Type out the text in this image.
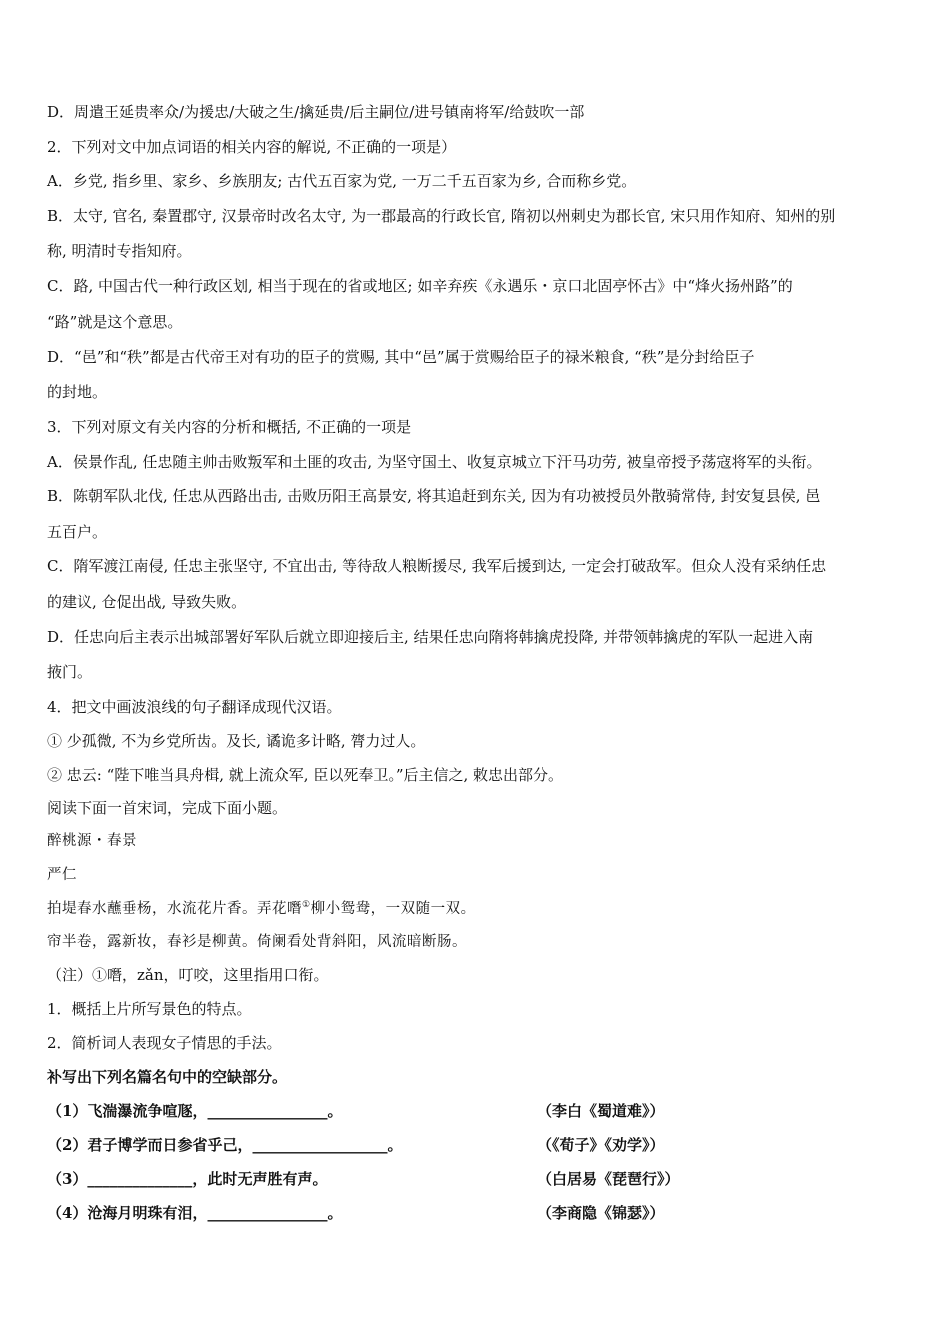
D．周遣王延贵率众/为援忠/大破之生/擒延贵/后主嗣位/进号镇南将军/给鼓吹一部
2．下列对文中加点词语的相关内容的解说, 不正确的一项是）
A．乡党, 指乡里、家乡、乡族朋友; 古代五百家为党, 一万二千五百家为乡, 合而称乡党。
B．太守, 官名, 秦置郡守, 汉景帝时改名太守, 为一郡最高的行政长官, 隋初以州刺史为郡长官, 宋只用作知府、知州的别
称, 明清时专指知府。
C．路, 中国古代一种行政区划, 相当于现在的省或地区; 如辛弃疾《永遇乐・京口北固亭怀古》中“烽火扬州路”的
“路”就是这个意思。
D．“邑”和“秩”都是古代帝王对有功的臣子的赏赐, 其中“邑”属于赏赐给臣子的禄米粮食, “秩”是分封给臣子
的封地。
3．下列对原文有关内容的分析和概括, 不正确的一项是
A．侯景作乱, 任忠随主帅击败叛军和土匪的攻击, 为坚守国土、收复京城立下汗马功劳, 被皇帝授予荡寇将军的头衔。
B．陈朝军队北伐, 任忠从西路出击, 击败历阳王高景安, 将其追赶到东关, 因为有功被授员外散骑常侍, 封安复县侯, 邑
五百户。
C．隋军渡江南侵, 任忠主张坚守, 不宜出击, 等待敌人粮断援尽, 我军后援到达, 一定会打破敌军。但众人没有采纳任忠
的建议, 仓促出战, 导致失败。
D．任忠向后主表示出城部署好军队后就立即迎接后主, 结果任忠向隋将韩擒虎投降, 并带领韩擒虎的军队一起进入南
掖门。
4．把文中画波浪线的句子翻译成现代汉语。
① 少孤微, 不为乡党所齿。及长, 谲诡多计略, 膂力过人。
② 忠云: “陛下唯当具舟楫, 就上流众军, 臣以死奉卫。”后主信之, 敕忠出部分。
阅读下面一首宋词，完成下面小题。
醉桃源・春景
严仁
拍堤春水蘸垂杨，水流花片香。弄花噆①柳小鸳鸯，一双随一双。
帘半卷，露新妆，春衫是柳黄。倚阑看处背斜阳，风流暗断肠。
（注）①噆，zǎn，叮咬，这里指用口衔。
1．概括上片所写景色的特点。
2．简析词人表现女子情思的手法。
补写出下列名篇名句中的空缺部分。
（1）飞湍瀑流争喧豗，________________。	（李白《蜀道难》）
（2）君子博学而日参省乎己，__________________。	（《荀子》《劝学》）
（3）______________，此时无声胜有声。	（白居易《琵琶行》）
（4）沧海月明珠有泪，________________。	（李商隐《锦瑟》）
